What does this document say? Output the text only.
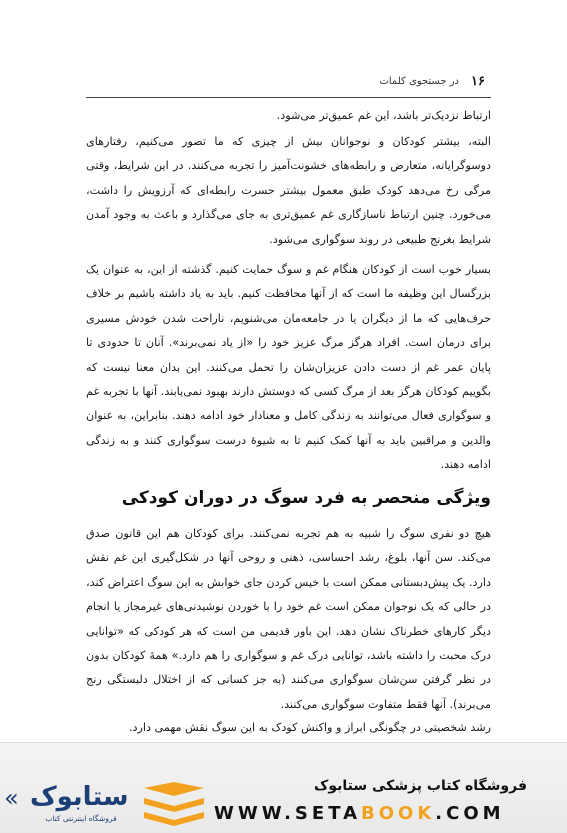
۱۶
در جستجوی کلمات

ارتباط نزدیک‌تر باشد، این غم عمیق‌تر می‌شود.

البته، بیشتر کودکان و نوجوانان بیش از چیزی که ما تصور می‌کنیم، رفتارهای دوسوگرایانه، متعارض و رابطه‌های خشونت‌آمیز را تجربه می‌کنند. در این شرایط، وقتی مرگی رخ می‌دهد کودک طبق معمول بیشتر حسرت رابطه‌ای که آرزویش را داشت، می‌خورد. چنین ارتباط ناسازگاری غم عمیق‌تری به جای می‌گذارد و باعث به وجود آمدن شرایط بغرنج طبیعی در روند سوگواری می‌شود.

بسیار خوب است از کودکان هنگام غم و سوگ حمایت کنیم. گذشته از این، به عنوان یک بزرگسال این وظیفه ما است که از آنها محافظت کنیم. باید به یاد داشته باشیم بر خلاف حرف‌هایی که ما از دیگران یا در جامعه‌مان می‌شنویم، ناراحت شدن خودش مسیری برای درمان است. افراد هرگز مرگ عزیز خود را «از یاد نمی‌برند». آنان تا حدودی تا پایان عمر غم از دست دادن عزیزان‌شان را تحمل می‌کنند. این بدان معنا نیست که بگوییم کودکان هرگز بعد از مرگ کسی که دوستش دارند بهبود نمی‌یابند. آنها با تجربه غم و سوگواری فعال می‌توانند به زندگی کامل و معنادار خود ادامه دهند. بنابراین، به عنوان والدین و مراقبین باید به آنها کمک کنیم تا به شیوهٔ درست سوگواری کنند و به زندگی ادامه دهند.

ویژگی منحصر به فرد سوگ در دوران کودکی

هیچ دو نفری سوگ را شبیه به هم تجربه نمی‌کنند. برای کودکان هم این قانون صدق می‌کند. سن آنها، بلوغ، رشد احساسی، ذهنی و روحی آنها در شکل‌گیری این غم نقش دارد. یک پیش‌دبستانی ممکن است با خیس کردن جای خوابش به این سوگ اعتراض کند، در حالی که یک نوجوان ممکن است غم خود را با خوردن نوشیدنی‌های غیرمجاز یا انجام دیگر کارهای خطرناک نشان دهد. این باور قدیمی من است که هر کودکی که «توانایی درک محبت را داشته باشد، توانایی درک غم و سوگواری را هم دارد.» همهٔ کودکان بدون در نظر گرفتن سن‌شان سوگواری می‌کنند (به جز کسانی که از اختلال دلبستگی رنج می‌برند). آنها فقط متفاوت سوگواری می‌کنند.

رشد شخصیتی در چگونگی ابراز و واکنش کودک به این سوگ نقش مهمی دارد.

فروشگاه کتاب پزشکی ستابوک
WWW.SETABOOK.COM
« ستابوک
فروشگاه اینترنتی کتاب
